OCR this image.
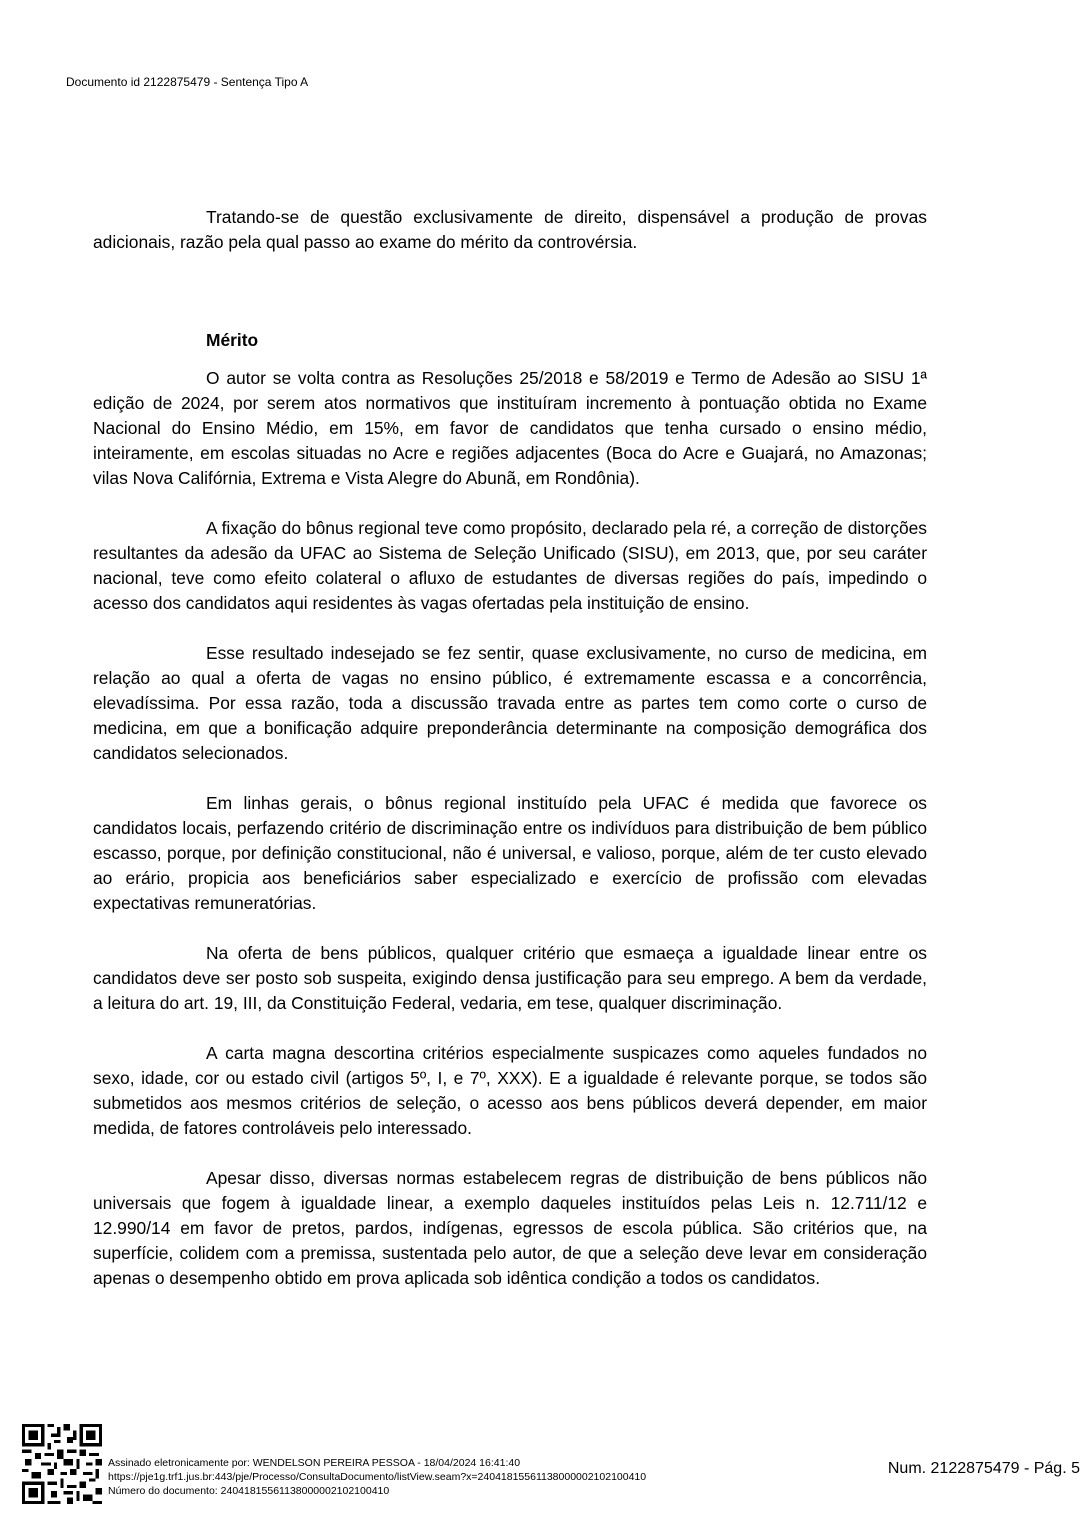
Documento id 2122875479 - Sentença Tipo A

Tratando-se de questão exclusivamente de direito, dispensável a produção de provas adicionais, razão pela qual passo ao exame do mérito da controvérsia.

Mérito

O autor se volta contra as Resoluções 25/2018 e 58/2019 e Termo de Adesão ao SISU 1ª edição de 2024, por serem atos normativos que instituíram incremento à pontuação obtida no Exame Nacional do Ensino Médio, em 15%, em favor de candidatos que tenha cursado o ensino médio, inteiramente, em escolas situadas no Acre e regiões adjacentes (Boca do Acre e Guajará, no Amazonas; vilas Nova Califórnia, Extrema e Vista Alegre do Abunã, em Rondônia).

A fixação do bônus regional teve como propósito, declarado pela ré, a correção de distorções resultantes da adesão da UFAC ao Sistema de Seleção Unificado (SISU), em 2013, que, por seu caráter nacional, teve como efeito colateral o afluxo de estudantes de diversas regiões do país, impedindo o acesso dos candidatos aqui residentes às vagas ofertadas pela instituição de ensino.

Esse resultado indesejado se fez sentir, quase exclusivamente, no curso de medicina, em relação ao qual a oferta de vagas no ensino público, é extremamente escassa e a concorrência, elevadíssima. Por essa razão, toda a discussão travada entre as partes tem como corte o curso de medicina, em que a bonificação adquire preponderância determinante na composição demográfica dos candidatos selecionados.

Em linhas gerais, o bônus regional instituído pela UFAC é medida que favorece os candidatos locais, perfazendo critério de discriminação entre os indivíduos para distribuição de bem público escasso, porque, por definição constitucional, não é universal, e valioso, porque, além de ter custo elevado ao erário, propicia aos beneficiários saber especializado e exercício de profissão com elevadas expectativas remuneratórias.

Na oferta de bens públicos, qualquer critério que esmaeça a igualdade linear entre os candidatos deve ser posto sob suspeita, exigindo densa justificação para seu emprego. A bem da verdade, a leitura do art. 19, III, da Constituição Federal, vedaria, em tese, qualquer discriminação.

A carta magna descortina critérios especialmente suspicazes como aqueles fundados no sexo, idade, cor ou estado civil (artigos 5º, I, e 7º, XXX). E a igualdade é relevante porque, se todos são submetidos aos mesmos critérios de seleção, o acesso aos bens públicos deverá depender, em maior medida, de fatores controláveis pelo interessado.

Apesar disso, diversas normas estabelecem regras de distribuição de bens públicos não universais que fogem à igualdade linear, a exemplo daqueles instituídos pelas Leis n. 12.711/12 e 12.990/14 em favor de pretos, pardos, indígenas, egressos de escola pública. São critérios que, na superfície, colidem com a premissa, sustentada pelo autor, de que a seleção deve levar em consideração apenas o desempenho obtido em prova aplicada sob idêntica condição a todos os candidatos.

Assinado eletronicamente por: WENDELSON PEREIRA PESSOA - 18/04/2024 16:41:40
https://pje1g.trf1.jus.br:443/pje/Processo/ConsultaDocumento/listView.seam?x=24041815561138000002102100410
Número do documento: 24041815561138000002102100410
Num. 2122875479 - Pág. 5
